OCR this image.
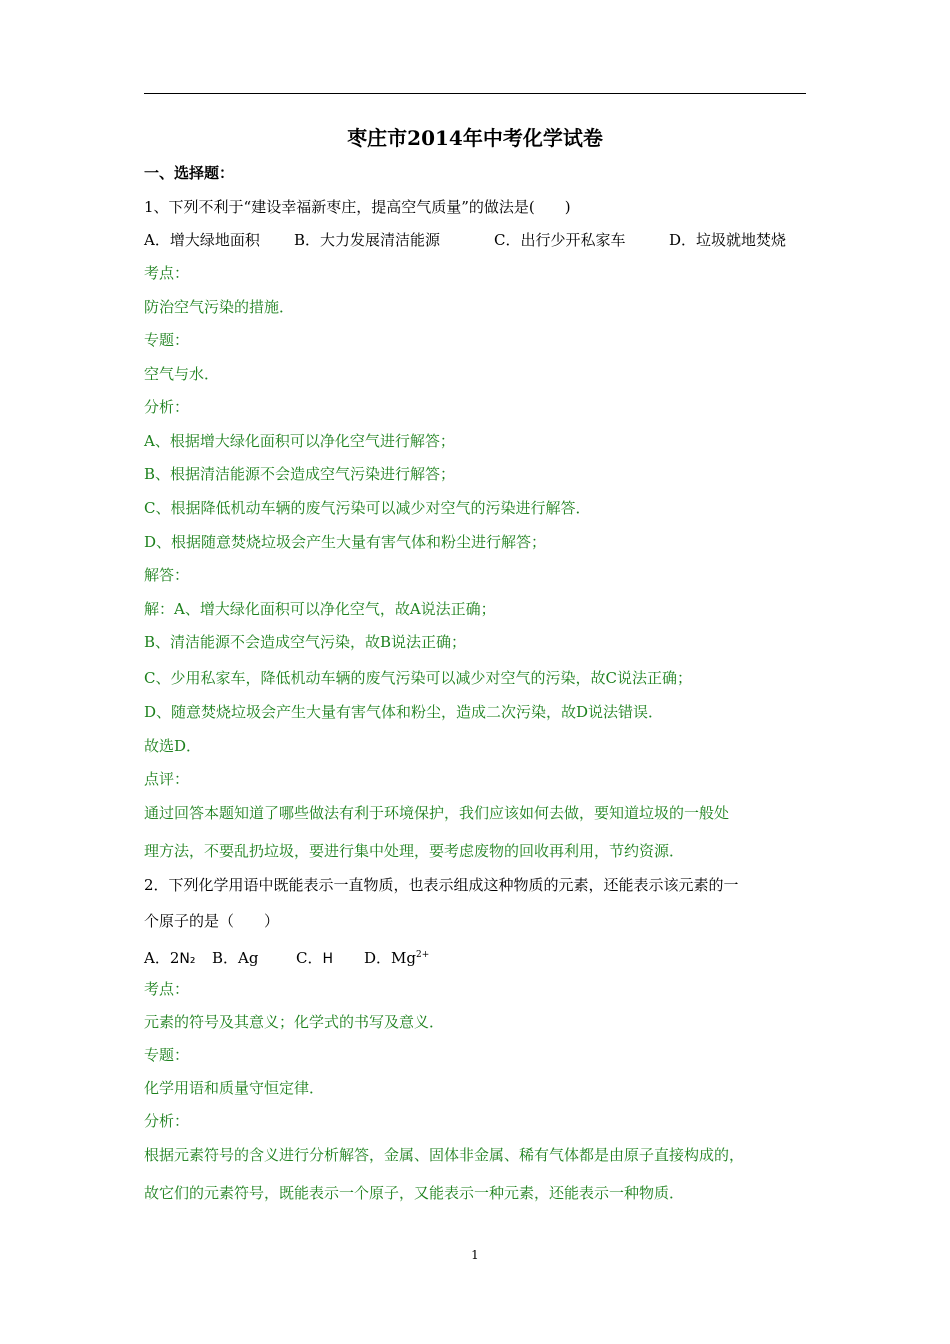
枣庄市2014年中考化学试卷
一、选择题：
1、下列不利于“建设幸福新枣庄，提高空气质量”的做法是(　　)
A．增大绿地面积 B．大力发展清洁能源	C．出行少开私家车	D．垃圾就地焚烧
考点：
防治空气污染的措施．
专题：
空气与水．
分析：
A、根据增大绿化面积可以净化空气进行解答；
B、根据清洁能源不会造成空气污染进行解答；
C、根据降低机动车辆的废气污染可以减少对空气的污染进行解答．
D、根据随意焚烧垃圾会产生大量有害气体和粉尘进行解答；
解答：
解：A、增大绿化面积可以净化空气，故A说法正确；
B、清洁能源不会造成空气污染，故B说法正确；
C、少用私家车，降低机动车辆的废气污染可以减少对空气的污染，故C说法正确；
D、随意焚烧垃圾会产生大量有害气体和粉尘，造成二次污染，故D说法错误．
故选D．
点评：
通过回答本题知道了哪些做法有利于环境保护，我们应该如何去做，要知道垃圾的一般处
理方法，不要乱扔垃圾，要进行集中处理，要考虑废物的回收再利用，节约资源．
2．下列化学用语中既能表示一直物质，也表示组成这种物质的元素，还能表示该元素的一
个原子的是（　　）
A．2N₂ B．Ag	C．H D．$Mg^{2+}$
考点：
元素的符号及其意义；化学式的书写及意义．
专题：
化学用语和质量守恒定律．
分析：
根据元素符号的含义进行分析解答，金属、固体非金属、稀有气体都是由原子直接构成的，
故它们的元素符号，既能表示一个原子，又能表示一种元素，还能表示一种物质．
1
